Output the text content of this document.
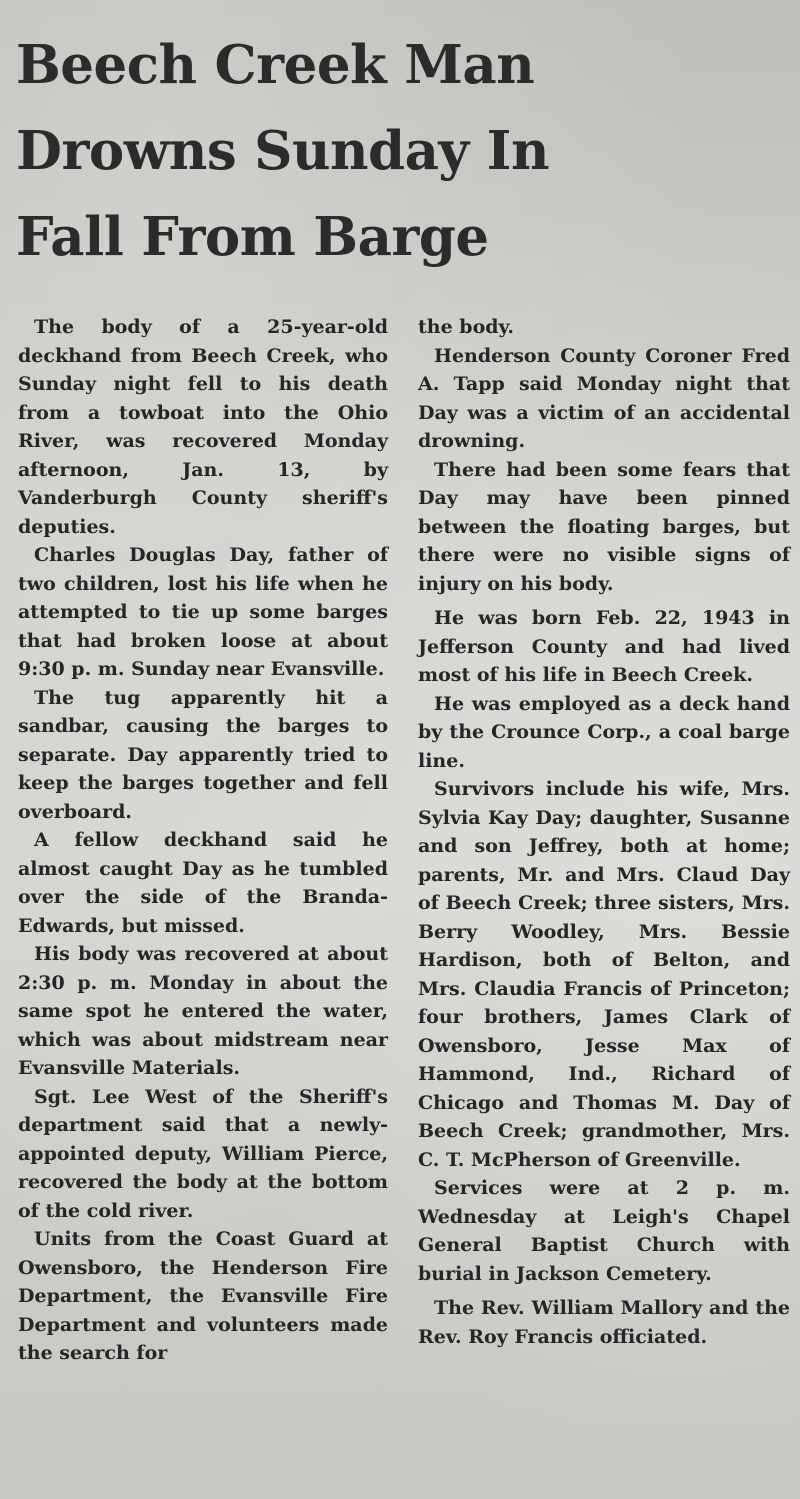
Beech Creek Man
Drowns Sunday In
Fall From Barge

The body of a 25-year-old deckhand from Beech Creek, who Sunday night fell to his death from a towboat into the Ohio River, was recovered Monday afternoon, Jan. 13, by Vanderburgh County sheriff's deputies.

Charles Douglas Day, father of two children, lost his life when he attempted to tie up some barges that had broken loose at about 9:30 p. m. Sunday near Evansville.

The tug apparently hit a sandbar, causing the barges to separate. Day apparently tried to keep the barges together and fell overboard.

A fellow deckhand said he almost caught Day as he tumbled over the side of the Branda-Edwards, but missed.

His body was recovered at about 2:30 p. m. Monday in about the same spot he entered the water, which was about midstream near Evansville Materials.

Sgt. Lee West of the Sheriff's department said that a newly-appointed deputy, William Pierce, recovered the body at the bottom of the cold river.

Units from the Coast Guard at Owensboro, the Henderson Fire Department, the Evansville Fire Department and volunteers made the search for

the body.

Henderson County Coroner Fred A. Tapp said Monday night that Day was a victim of an accidental drowning.

There had been some fears that Day may have been pinned between the floating barges, but there were no visible signs of injury on his body.

He was born Feb. 22, 1943 in Jefferson County and had lived most of his life in Beech Creek.

He was employed as a deck hand by the Crounce Corp., a coal barge line.

Survivors include his wife, Mrs. Sylvia Kay Day; daughter, Susanne and son Jeffrey, both at home; parents, Mr. and Mrs. Claud Day of Beech Creek; three sisters, Mrs. Berry Woodley, Mrs. Bessie Hardison, both of Belton, and Mrs. Claudia Francis of Princeton; four brothers, James Clark of Owensboro, Jesse Max of Hammond, Ind., Richard of Chicago and Thomas M. Day of Beech Creek; grandmother, Mrs. C. T. McPherson of Greenville.

Services were at 2 p. m. Wednesday at Leigh's Chapel General Baptist Church with burial in Jackson Cemetery.

The Rev. William Mallory and the Rev. Roy Francis officiated.
